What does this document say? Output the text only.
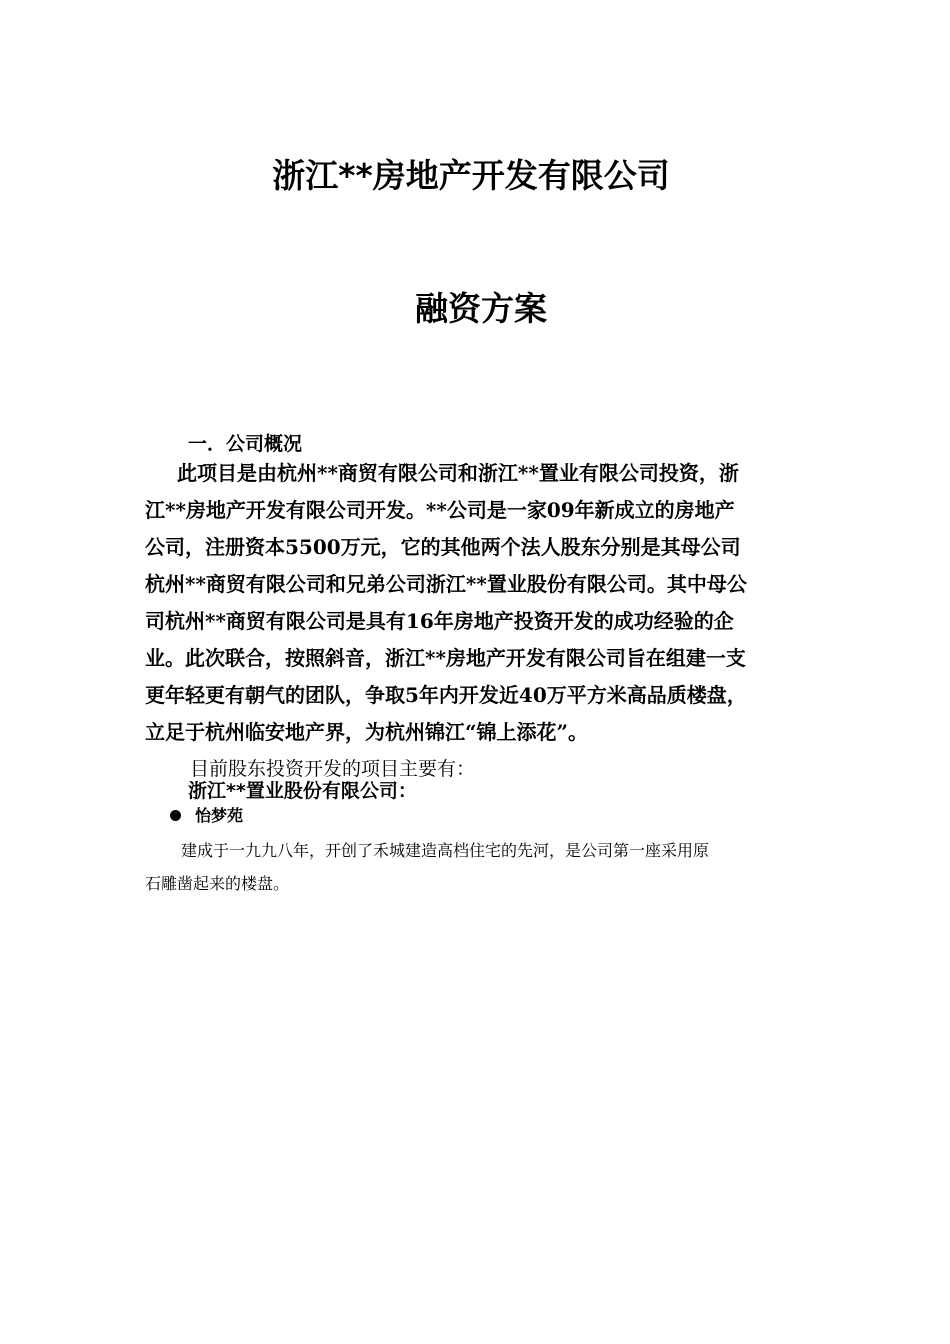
浙江**房地产开发有限公司
融资方案
一．公司概况
此项目是由杭州**商贸有限公司和浙江**置业有限公司投资，浙
江**房地产开发有限公司开发。**公司是一家09年新成立的房地产
公司，注册资本5500万元，它的其他两个法人股东分别是其母公司
杭州**商贸有限公司和兄弟公司浙江**置业股份有限公司。其中母公
司杭州**商贸有限公司是具有16年房地产投资开发的成功经验的企
业。此次联合，按照斜音，浙江**房地产开发有限公司旨在组建一支
更年轻更有朝气的团队，争取5年内开发近40万平方米高品质楼盘，
立足于杭州临安地产界，为杭州锦江“锦上添花”。
目前股东投资开发的项目主要有：
浙江**置业股份有限公司：
怡梦苑
建成于一九九八年，开创了禾城建造高档住宅的先河，是公司第一座采用原
石雕凿起来的楼盘。
